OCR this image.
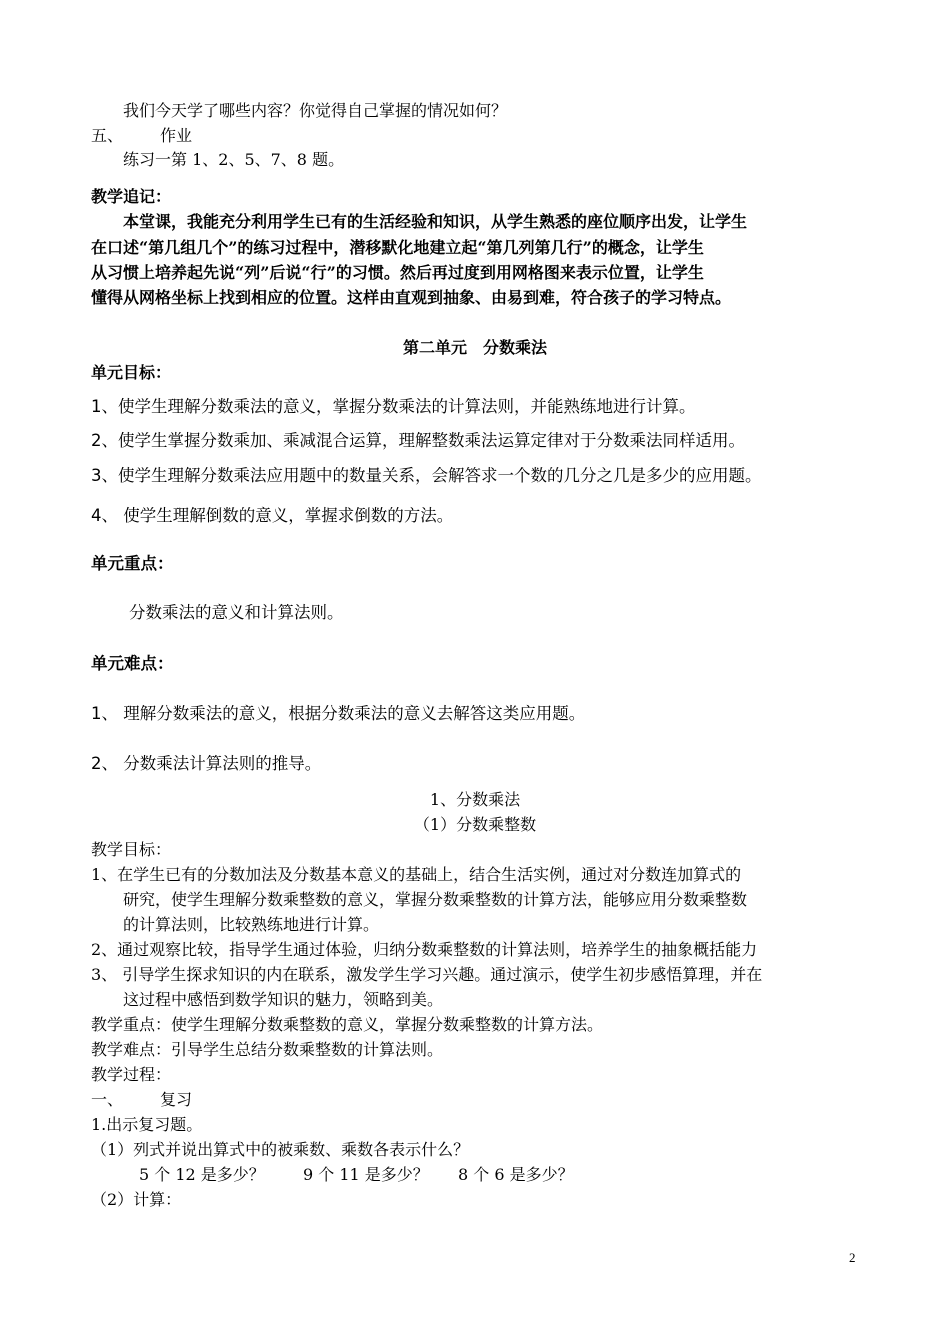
我们今天学了哪些内容？你觉得自己掌握的情况如何？
五、 作业
练习一第 1、2、5、7、8 题。
教学追记：
本堂课，我能充分利用学生已有的生活经验和知识，从学生熟悉的座位顺序出发，让学生
在口述“第几组几个”的练习过程中，潜移默化地建立起“第几列第几行”的概念，让学生
从习惯上培养起先说“列”后说“行”的习惯。然后再过度到用网格图来表示位置，让学生
懂得从网格坐标上找到相应的位置。这样由直观到抽象、由易到难，符合孩子的学习特点。
第二单元　分数乘法
单元目标：
1、使学生理解分数乘法的意义，掌握分数乘法的计算法则，并能熟练地进行计算。
2、使学生掌握分数乘加、乘减混合运算，理解整数乘法运算定律对于分数乘法同样适用。
3、使学生理解分数乘法应用题中的数量关系，会解答求一个数的几分之几是多少的应用题。
4、 使学生理解倒数的意义，掌握求倒数的方法。
单元重点：
分数乘法的意义和计算法则。
单元难点：
1、 理解分数乘法的意义，根据分数乘法的意义去解答这类应用题。
2、 分数乘法计算法则的推导。
1、分数乘法
（1）分数乘整数
教学目标：
1、在学生已有的分数加法及分数基本意义的基础上，结合生活实例，通过对分数连加算式的
研究，使学生理解分数乘整数的意义，掌握分数乘整数的计算方法，能够应用分数乘整数
的计算法则，比较熟练地进行计算。
2、通过观察比较，指导学生通过体验，归纳分数乘整数的计算法则，培养学生的抽象概括能力
3、 引导学生探求知识的内在联系，激发学生学习兴趣。通过演示，使学生初步感悟算理，并在
这过程中感悟到数学知识的魅力，领略到美。
教学重点：使学生理解分数乘整数的意义，掌握分数乘整数的计算方法。
教学难点：引导学生总结分数乘整数的计算法则。
教学过程：
一、 复习
1.出示复习题。
（1）列式并说出算式中的被乘数、乘数各表示什么？
5 个 12 是多少？ 9 个 11 是多少？ 8 个 6 是多少？
（2）计算：
2
